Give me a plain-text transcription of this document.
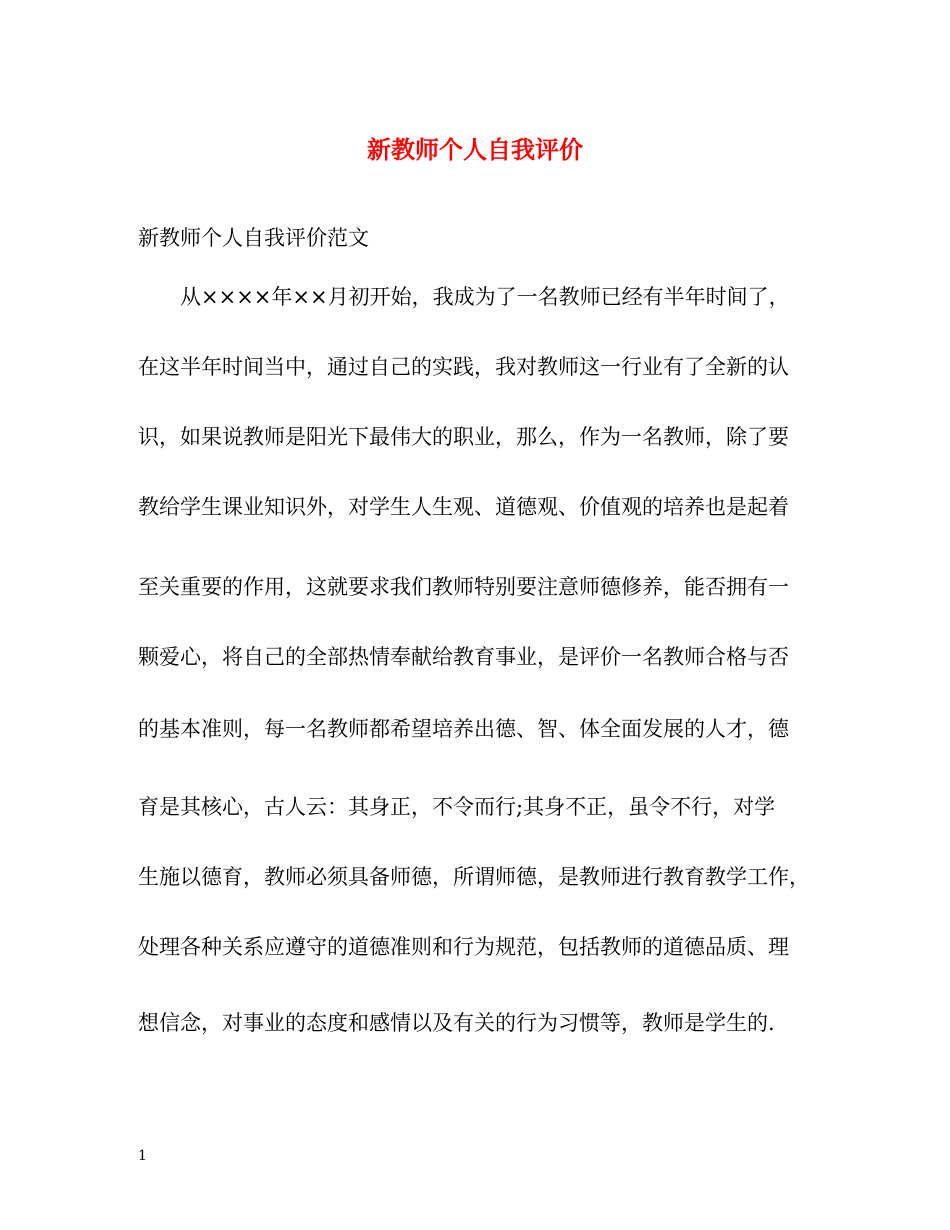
新教师个人自我评价
新教师个人自我评价范文
从××××年××月初开始，我成为了一名教师已经有半年时间了，
在这半年时间当中，通过自己的实践，我对教师这一行业有了全新的认
识，如果说教师是阳光下最伟大的职业，那么，作为一名教师，除了要
教给学生课业知识外，对学生人生观、道德观、价值观的培养也是起着
至关重要的作用，这就要求我们教师特别要注意师德修养，能否拥有一
颗爱心，将自己的全部热情奉献给教育事业，是评价一名教师合格与否
的基本准则，每一名教师都希望培养出德、智、体全面发展的人才，德
育是其核心，古人云：其身正，不令而行;其身不正，虽令不行，对学
生施以德育，教师必须具备师德，所谓师德，是教师进行教育教学工作，
处理各种关系应遵守的道德准则和行为规范，包括教师的道德品质、理
想信念，对事业的态度和感情以及有关的行为习惯等，教师是学生的.
1
